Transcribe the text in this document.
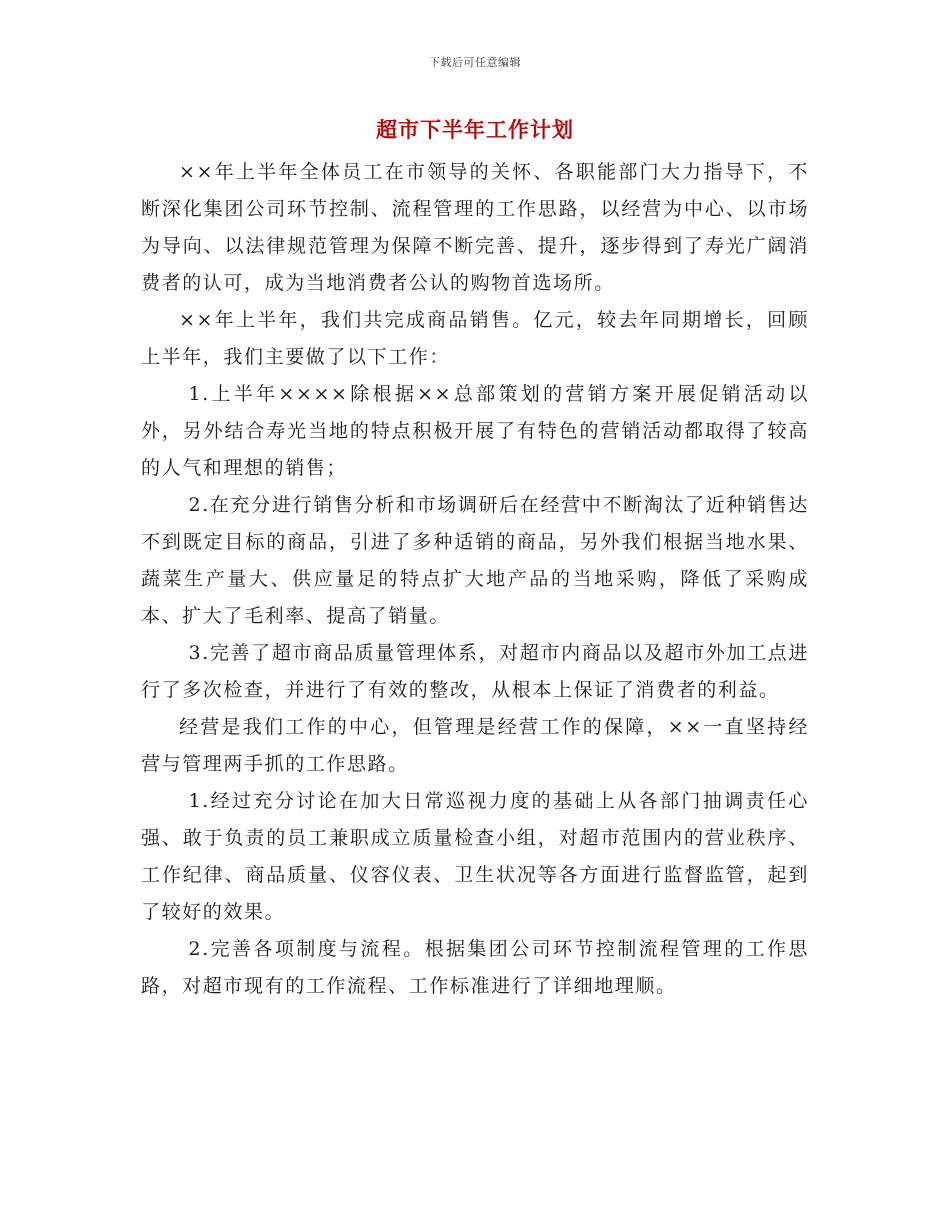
下载后可任意编辑
超市下半年工作计划

××年上半年全体员工在市领导的关怀、各职能部门大力指导下，不断深化集团公司环节控制、流程管理的工作思路，以经营为中心、以市场为导向、以法律规范管理为保障不断完善、提升，逐步得到了寿光广阔消费者的认可，成为当地消费者公认的购物首选场所。

××年上半年，我们共完成商品销售。亿元，较去年同期增长，回顾上半年，我们主要做了以下工作：

1.上半年××××除根据××总部策划的营销方案开展促销活动以外，另外结合寿光当地的特点积极开展了有特色的营销活动都取得了较高的人气和理想的销售；

2.在充分进行销售分析和市场调研后在经营中不断淘汰了近种销售达不到既定目标的商品，引进了多种适销的商品，另外我们根据当地水果、蔬菜生产量大、供应量足的特点扩大地产品的当地采购，降低了采购成本、扩大了毛利率、提高了销量。

3.完善了超市商品质量管理体系，对超市内商品以及超市外加工点进行了多次检查，并进行了有效的整改，从根本上保证了消费者的利益。

经营是我们工作的中心，但管理是经营工作的保障，××一直坚持经营与管理两手抓的工作思路。

1.经过充分讨论在加大日常巡视力度的基础上从各部门抽调责任心强、敢于负责的员工兼职成立质量检查小组，对超市范围内的营业秩序、工作纪律、商品质量、仪容仪表、卫生状况等各方面进行监督监管，起到了较好的效果。

2.完善各项制度与流程。根据集团公司环节控制流程管理的工作思路，对超市现有的工作流程、工作标准进行了详细地理顺。
